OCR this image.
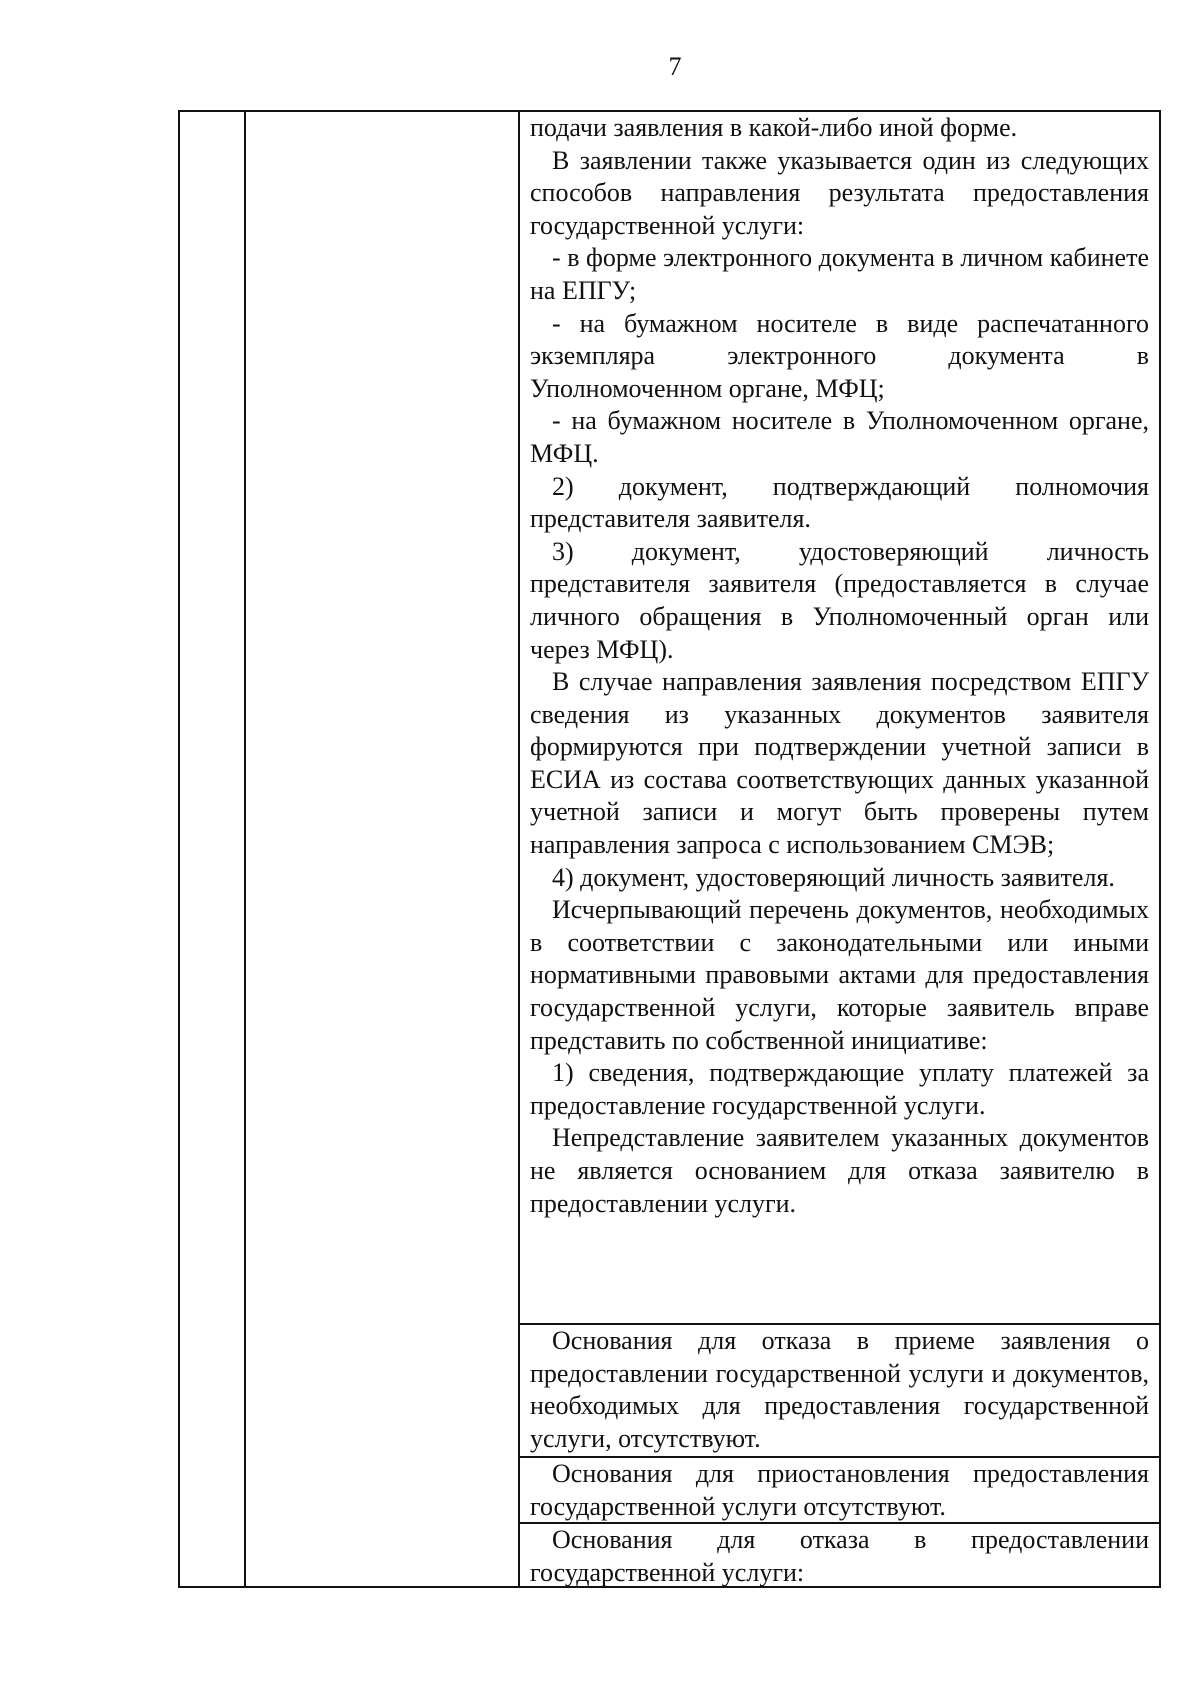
7

подачи заявления в какой-либо иной форме.

В заявлении также указывается один из следующих способов направления результата предоставления государственной услуги:

- в форме электронного документа в личном кабинете на ЕПГУ;

- на бумажном носителе в виде распечатанного экземпляра электронного документа в Уполномоченном органе, МФЦ;

- на бумажном носителе в Уполномоченном органе, МФЦ.

2) документ, подтверждающий полномочия представителя заявителя.

3) документ, удостоверяющий личность представителя заявителя (предоставляется в случае личного обращения в Уполномоченный орган или через МФЦ).

В случае направления заявления посредством ЕПГУ сведения из указанных документов заявителя формируются при подтверждении учетной записи в ЕСИА из состава соответствующих данных указанной учетной записи и могут быть проверены путем направления запроса с использованием СМЭВ;

4) документ, удостоверяющий личность заявителя.

Исчерпывающий перечень документов, необходимых в соответствии с законодательными или иными нормативными правовыми актами для предоставления государственной услуги, которые заявитель вправе представить по собственной инициативе:

1) сведения, подтверждающие уплату платежей за предоставление государственной услуги.

Непредставление заявителем указанных документов не является основанием для отказа заявителю в предоставлении услуги.

Основания для отказа в приеме заявления о предоставлении государственной услуги и документов, необходимых для предоставления государственной услуги, отсутствуют.

Основания для приостановления предоставления государственной услуги отсутствуют.

Основания для отказа в предоставлении государственной услуги:
